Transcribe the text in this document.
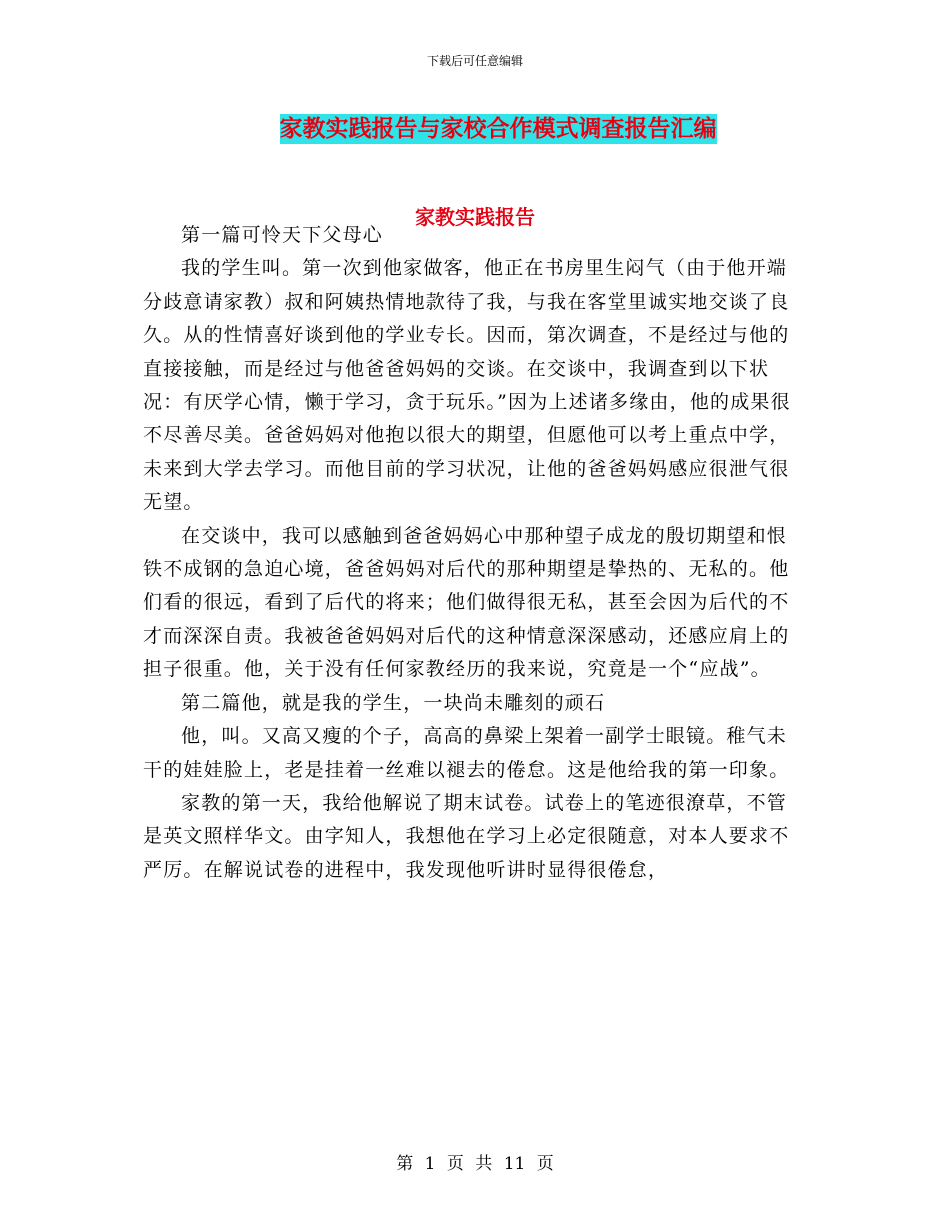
下载后可任意编辑
家教实践报告与家校合作模式调查报告汇编
家教实践报告

第一篇可怜天下父母心

我的学生叫。第一次到他家做客，他正在书房里生闷气（由于他开端分歧意请家教）叔和阿姨热情地款待了我，与我在客堂里诚实地交谈了良久。从的性情喜好谈到他的学业专长。因而，第次调查，不是经过与他的直接接触，而是经过与他爸爸妈妈的交谈。在交谈中，我调查到以下状况：有厌学心情，懒于学习，贪于玩乐。”因为上述诸多缘由，他的成果很不尽善尽美。爸爸妈妈对他抱以很大的期望，但愿他可以考上重点中学，未来到大学去学习。而他目前的学习状况，让他的爸爸妈妈感应很泄气很无望。

在交谈中，我可以感触到爸爸妈妈心中那种望子成龙的殷切期望和恨铁不成钢的急迫心境，爸爸妈妈对后代的那种期望是挚热的、无私的。他们看的很远，看到了后代的将来；他们做得很无私，甚至会因为后代的不才而深深自责。我被爸爸妈妈对后代的这种情意深深感动，还感应肩上的担子很重。他，关于没有任何家教经历的我来说，究竟是一个“应战”。

第二篇他，就是我的学生，一块尚未雕刻的顽石

他，叫。又高又瘦的个子，高高的鼻梁上架着一副学士眼镜。稚气未干的娃娃脸上，老是挂着一丝难以褪去的倦怠。这是他给我的第一印象。

家教的第一天，我给他解说了期末试卷。试卷上的笔迹很潦草，不管是英文照样华文。由字知人，我想他在学习上必定很随意，对本人要求不严厉。在解说试卷的进程中，我发现他听讲时显得很倦怠，

第 1 页 共 11 页
